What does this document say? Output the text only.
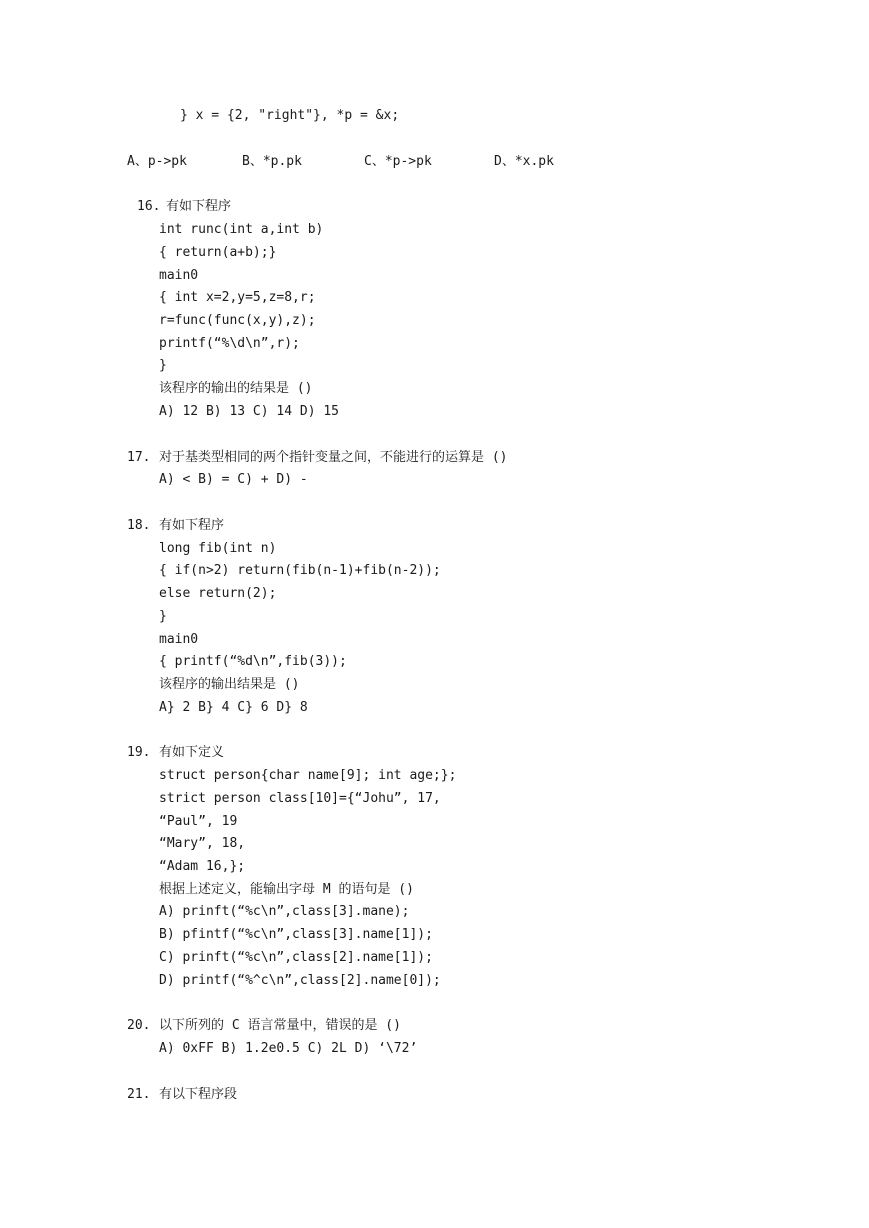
} x = {2, "right"}, *p = &x;
A、p->pk	B、*p.pk	C、*p->pk	D、*x.pk
16. 有如下程序
int runc(int a,int b)
{ return(a+b);}
main0
{ int x=2,y=5,z=8,r;
r=func(func(x,y),z);
printf(“%\d\n”,r);
}
该程序的输出的结果是 ()
A) 12 B) 13 C) 14 D) 15
17. 对于基类型相同的两个指针变量之间，不能进行的运算是 ()
A) < B) = C) + D) -
18. 有如下程序
long fib(int n)
{ if(n>2) return(fib(n-1)+fib(n-2));
else return(2);
}
main0
{ printf(“%d\n”,fib(3));
该程序的输出结果是 ()
A} 2 B} 4 C} 6 D} 8
19. 有如下定义
struct person{char name[9]; int age;};
strict person class[10]={“Johu”, 17,
“Paul”, 19
“Mary”, 18,
“Adam 16,};
根据上述定义，能输出字母 M 的语句是 ()
A) prinft(“%c\n”,class[3].mane);
B) pfintf(“%c\n”,class[3].name[1]);
C) prinft(“%c\n”,class[2].name[1]);
D) printf(“%^c\n”,class[2].name[0]);
20. 以下所列的 C 语言常量中，错误的是 ()
A) 0xFF B) 1.2e0.5 C) 2L D) ‘\72’
21. 有以下程序段
